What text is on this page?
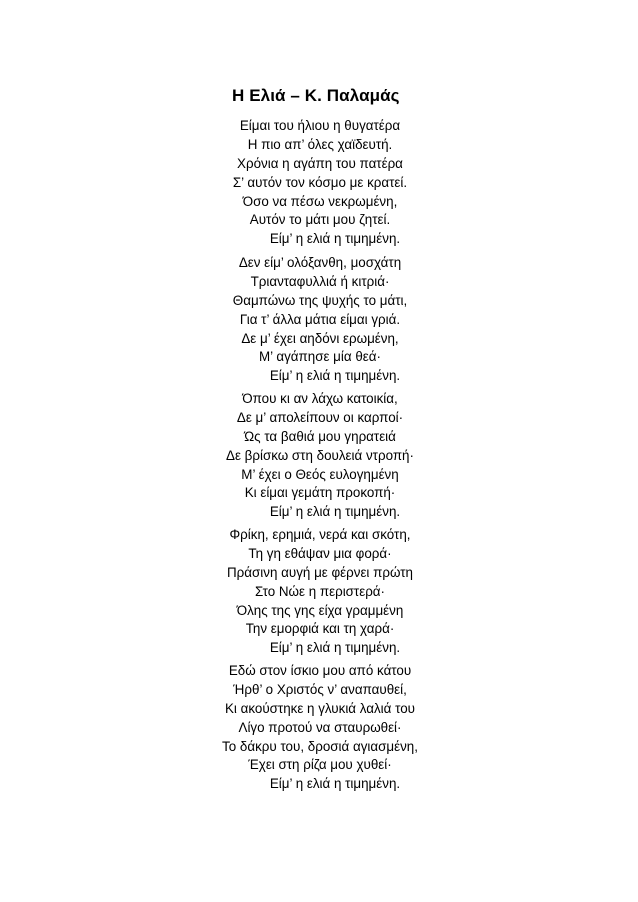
Η Ελιά – Κ. Παλαμάς
Είμαι του ήλιου η θυγατέρα
Η πιο απ’ όλες χαϊδευτή.
Χρόνια η αγάπη του πατέρα
Σ’ αυτόν τον κόσμο με κρατεί.
Όσο να πέσω νεκρωμένη,
Αυτόν το μάτι μου ζητεί.
Είμ’ η ελιά η τιμημένη.
Δεν είμ’ ολόξανθη, μοσχάτη
Τριανταφυλλιά ή κιτριά·
Θαμπώνω της ψυχής το μάτι,
Για τ’ άλλα μάτια είμαι γριά.
Δε μ’ έχει αηδόνι ερωμένη,
Μ’ αγάπησε μία θεά·
Είμ’ η ελιά η τιμημένη.
Όπου κι αν λάχω κατοικία,
Δε μ’ απολείπουν οι καρποί·
Ώς τα βαθιά μου γηρατειά
Δε βρίσκω στη δουλειά ντροπή·
Μ’ έχει ο Θεός ευλογημένη
Κι είμαι γεμάτη προκοπή·
Είμ’ η ελιά η τιμημένη.
Φρίκη, ερημιά, νερά και σκότη,
Τη γη εθάψαν μια φορά·
Πράσινη αυγή με φέρνει πρώτη
Στο Νώε η περιστερά·
Όλης της γης είχα γραμμένη
Την εμορφιά και τη χαρά·
Είμ’ η ελιά η τιμημένη.
Εδώ στον ίσκιο μου από κάτου
Ήρθ’ ο Χριστός ν’ αναπαυθεί,
Κι ακούστηκε η γλυκιά λαλιά του
Λίγο προτού να σταυρωθεί·
Το δάκρυ του, δροσιά αγιασμένη,
Έχει στη ρίζα μου χυθεί·
Είμ’ η ελιά η τιμημένη.
